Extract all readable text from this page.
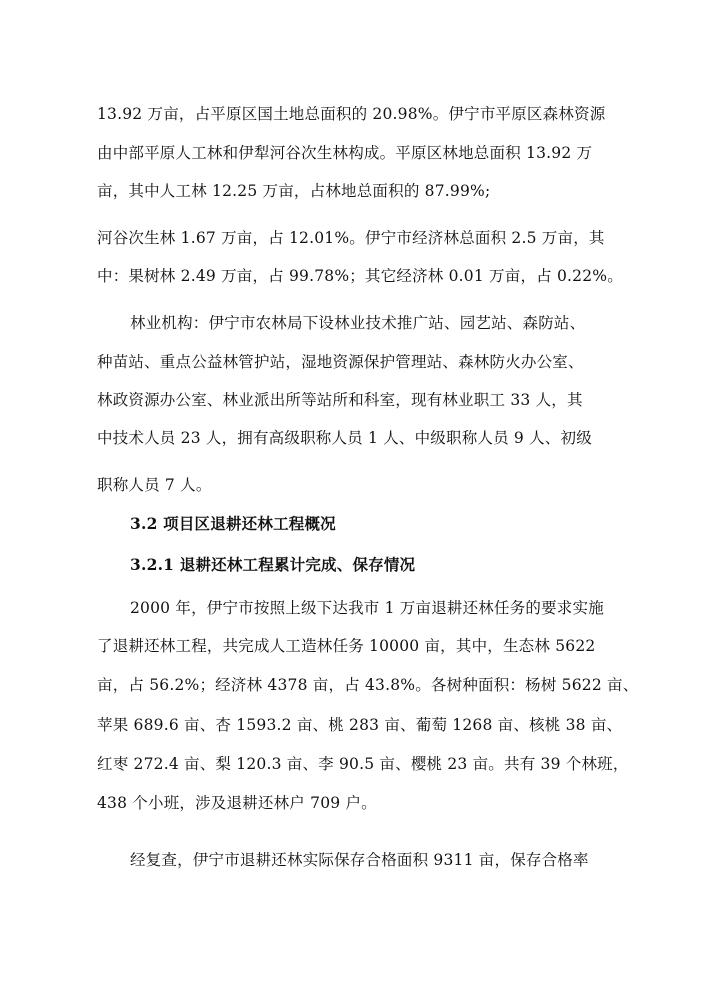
13.92 万亩，占平原区国土地总面积的 20.98%。伊宁市平原区森林资源
由中部平原人工林和伊犁河谷次生林构成。平原区林地总面积 13.92 万
亩，其中人工林 12.25 万亩，占林地总面积的 87.99%;
河谷次生林 1.67 万亩，占 12.01%。伊宁市经济林总面积 2.5 万亩，其
中：果树林 2.49 万亩，占 99.78%；其它经济林 0.01 万亩，占 0.22%。
林业机构：伊宁市农林局下设林业技术推广站、园艺站、森防站、
种苗站、重点公益林管护站，湿地资源保护管理站、森林防火办公室、
林政资源办公室、林业派出所等站所和科室，现有林业职工 33 人，其
中技术人员 23 人，拥有高级职称人员 1 人、中级职称人员 9 人、初级
职称人员 7 人。
3.2 项目区退耕还林工程概况
3.2.1 退耕还林工程累计完成、保存情况
2000 年，伊宁市按照上级下达我市 1 万亩退耕还林任务的要求实施
了退耕还林工程，共完成人工造林任务 10000 亩，其中，生态林 5622
亩，占 56.2%；经济林 4378 亩，占 43.8%。各树种面积：杨树 5622 亩、
苹果 689.6 亩、杏 1593.2 亩、桃 283 亩、葡萄 1268 亩、核桃 38 亩、
红枣 272.4 亩、梨 120.3 亩、李 90.5 亩、樱桃 23 亩。共有 39 个林班，
438 个小班，涉及退耕还林户 709 户。
经复查，伊宁市退耕还林实际保存合格面积 9311 亩，保存合格率
